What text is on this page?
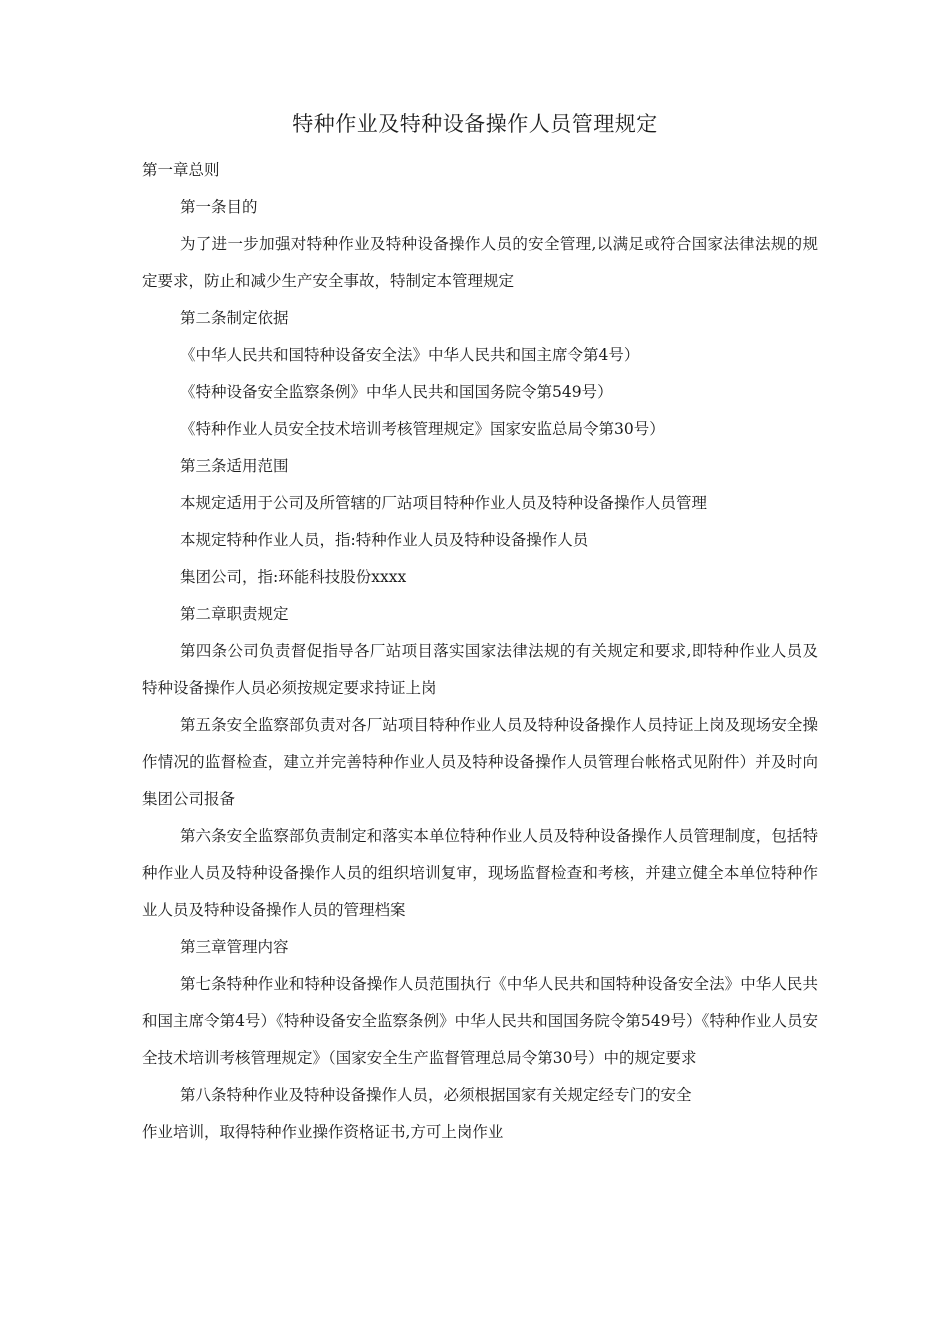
特种作业及特种设备操作人员管理规定

第一章总则

第一条目的

为了进一步加强对特种作业及特种设备操作人员的安全管理,以满足或符合国家法律法规的规定要求，防止和减少生产安全事故，特制定本管理规定

第二条制定依据

《中华人民共和国特种设备安全法》中华人民共和国主席令第4号）

《特种设备安全监察条例》中华人民共和国国务院令第549号）

《特种作业人员安全技术培训考核管理规定》国家安监总局令第30号）

第三条适用范围

本规定适用于公司及所管辖的厂站项目特种作业人员及特种设备操作人员管理

本规定特种作业人员，指:特种作业人员及特种设备操作人员

集团公司，指:环能科技股份xxxx

第二章职责规定

第四条公司负责督促指导各厂站项目落实国家法律法规的有关规定和要求,即特种作业人员及特种设备操作人员必须按规定要求持证上岗

第五条安全监察部负责对各厂站项目特种作业人员及特种设备操作人员持证上岗及现场安全操作情况的监督检查，建立并完善特种作业人员及特种设备操作人员管理台帐格式见附件）并及时向集团公司报备

第六条安全监察部负责制定和落实本单位特种作业人员及特种设备操作人员管理制度，包括特种作业人员及特种设备操作人员的组织培训复审，现场监督检查和考核，并建立健全本单位特种作业人员及特种设备操作人员的管理档案

第三章管理内容

第七条特种作业和特种设备操作人员范围执行《中华人民共和国特种设备安全法》中华人民共和国主席令第4号）《特种设备安全监察条例》中华人民共和国国务院令第549号）《特种作业人员安全技术培训考核管理规定》（国家安全生产监督管理总局令第30号）中的规定要求

第八条特种作业及特种设备操作人员，必须根据国家有关规定经专门的安全

作业培训，取得特种作业操作资格证书,方可上岗作业
